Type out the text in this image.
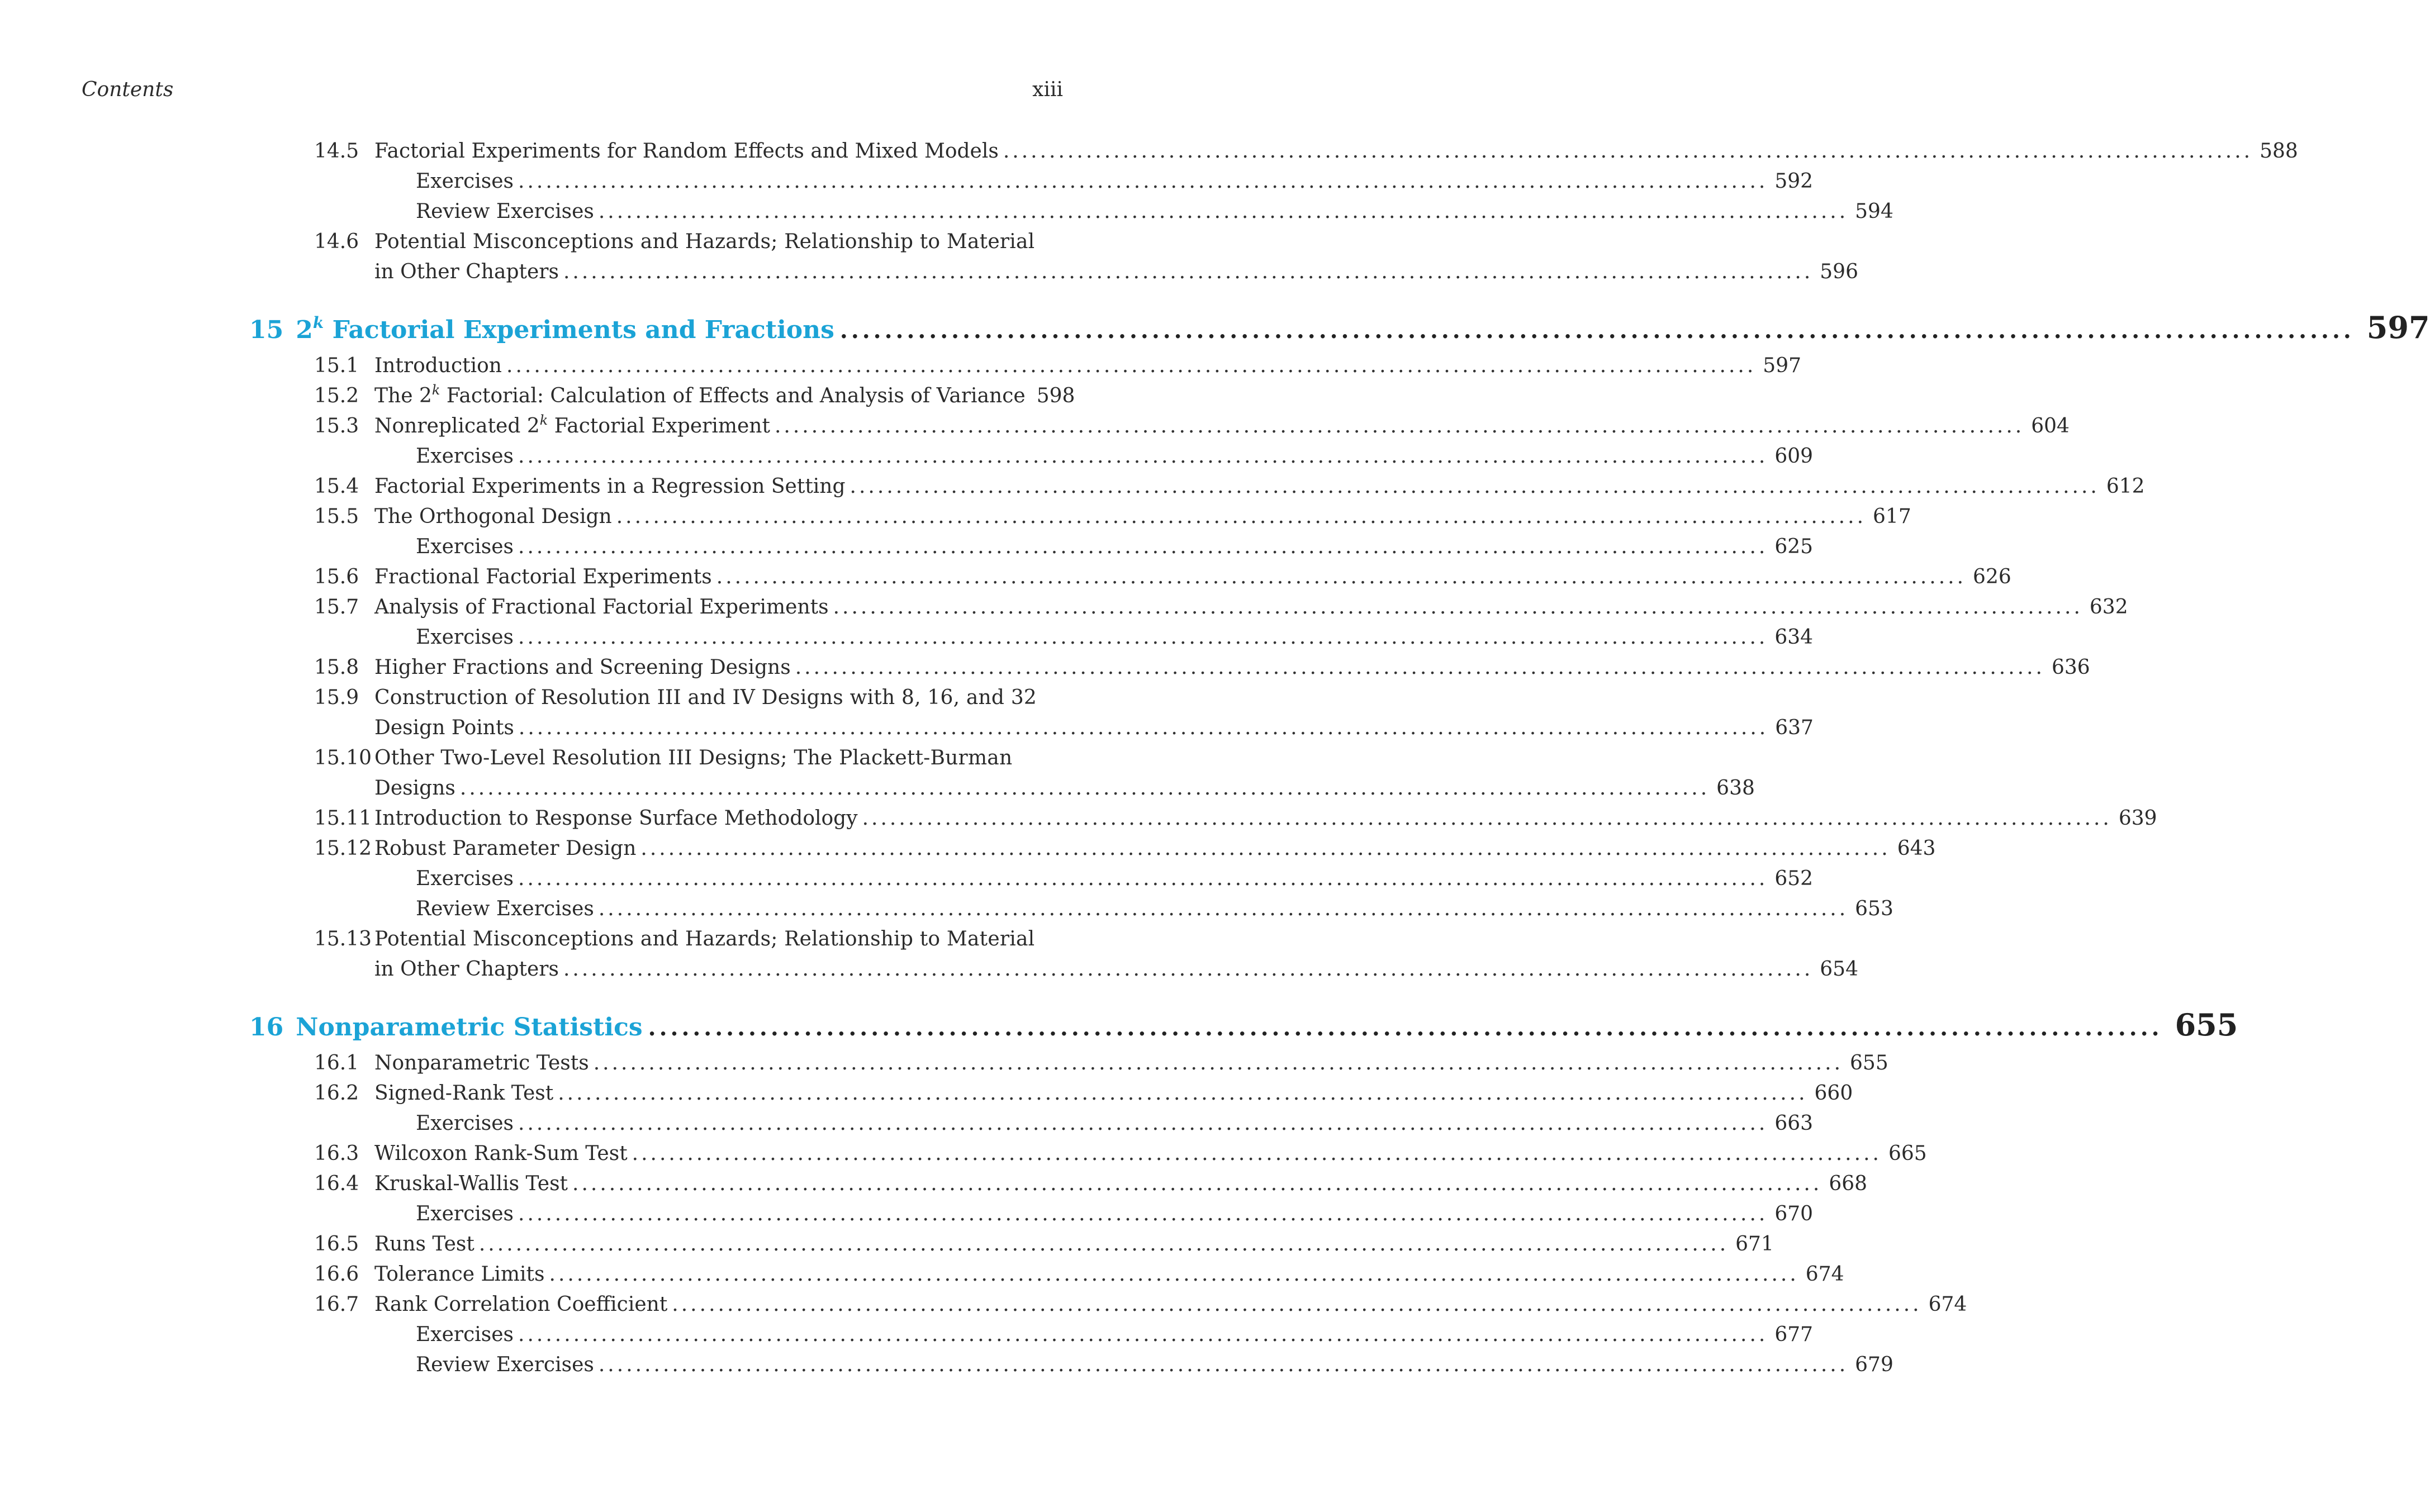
Contents	xiii
14.5 Factorial Experiments for Random Effects and Mixed Models ........................................................................................................................................ 588
Exercises ........................................................................................................................................ 592
Review Exercises ........................................................................................................................................ 594
14.6 Potential Misconceptions and Hazards; Relationship to Material
in Other Chapters ........................................................................................................................................ 596
15 2$^k$ Factorial Experiments and Fractions ........................................................................................................................................ 597
15.1 Introduction ........................................................................................................................................ 597
15.2 The 2$^k$ Factorial: Calculation of Effects and Analysis of Variance 598
15.3 Nonreplicated 2$^k$ Factorial Experiment ........................................................................................................................................ 604
Exercises ........................................................................................................................................ 609
15.4 Factorial Experiments in a Regression Setting ........................................................................................................................................ 612
15.5 The Orthogonal Design ........................................................................................................................................ 617
Exercises ........................................................................................................................................ 625
15.6 Fractional Factorial Experiments ........................................................................................................................................ 626
15.7 Analysis of Fractional Factorial Experiments ........................................................................................................................................ 632
Exercises ........................................................................................................................................ 634
15.8 Higher Fractions and Screening Designs ........................................................................................................................................ 636
15.9 Construction of Resolution III and IV Designs with 8, 16, and 32
Design Points ........................................................................................................................................ 637
15.10 Other Two-Level Resolution III Designs; The Plackett-Burman
Designs ........................................................................................................................................ 638
15.11 Introduction to Response Surface Methodology ........................................................................................................................................ 639
15.12 Robust Parameter Design ........................................................................................................................................ 643
Exercises ........................................................................................................................................ 652
Review Exercises ........................................................................................................................................ 653
15.13 Potential Misconceptions and Hazards; Relationship to Material
in Other Chapters ........................................................................................................................................ 654
16 Nonparametric Statistics ........................................................................................................................................ 655
16.1 Nonparametric Tests ........................................................................................................................................ 655
16.2 Signed-Rank Test ........................................................................................................................................ 660
Exercises ........................................................................................................................................ 663
16.3 Wilcoxon Rank-Sum Test ........................................................................................................................................ 665
16.4 Kruskal-Wallis Test ........................................................................................................................................ 668
Exercises ........................................................................................................................................ 670
16.5 Runs Test ........................................................................................................................................ 671
16.6 Tolerance Limits ........................................................................................................................................ 674
16.7 Rank Correlation Coefficient ........................................................................................................................................ 674
Exercises ........................................................................................................................................ 677
Review Exercises ........................................................................................................................................ 679
